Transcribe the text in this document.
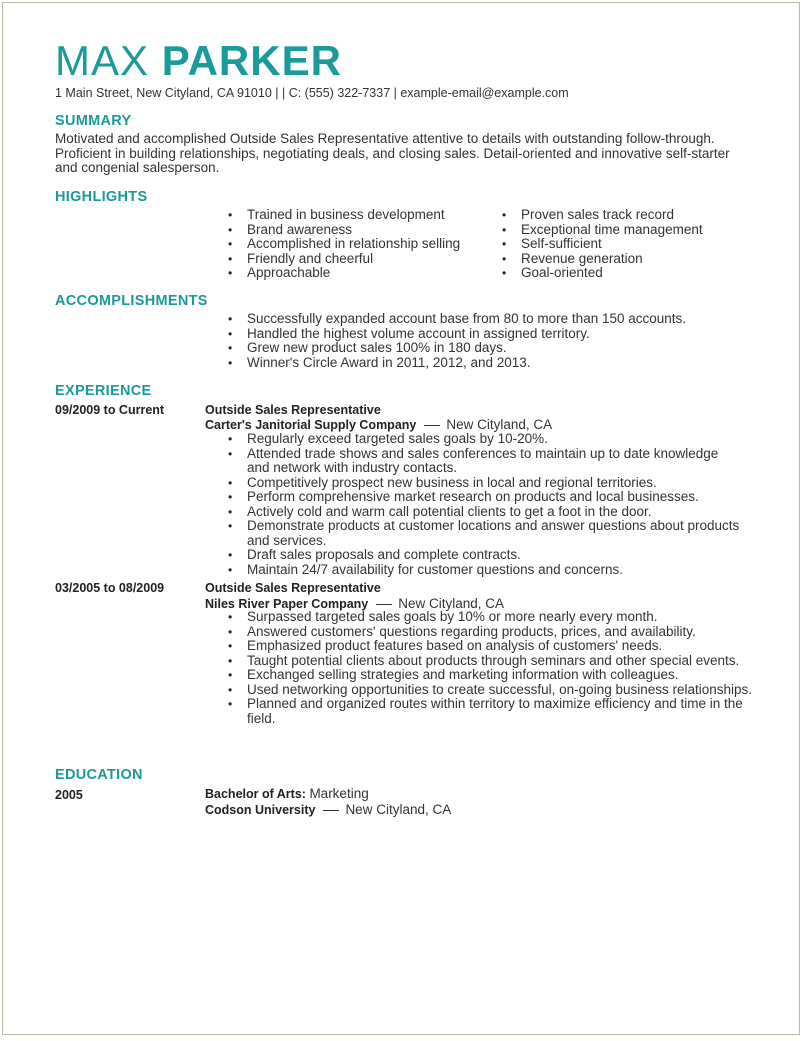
MAX PARKER
1 Main Street, New Cityland, CA 91010 | | C: (555) 322-7337 | example-email@example.com
SUMMARY
Motivated and accomplished Outside Sales Representative attentive to details with outstanding follow-through. Proficient in building relationships, negotiating deals, and closing sales. Detail-oriented and innovative self-starter and congenial salesperson.
HIGHLIGHTS
• Trained in business development
• Brand awareness
• Accomplished in relationship selling
• Friendly and cheerful
• Approachable
• Proven sales track record
• Exceptional time management
• Self-sufficient
• Revenue generation
• Goal-oriented
ACCOMPLISHMENTS
• Successfully expanded account base from 80 to more than 150 accounts.
• Handled the highest volume account in assigned territory.
• Grew new product sales 100% in 180 days.
• Winner's Circle Award in 2011, 2012, and 2013.
EXPERIENCE
09/2009 to Current	Outside Sales Representative
Carter's Janitorial Supply Company New Cityland, CA
• Regularly exceed targeted sales goals by 10-20%.
• Attended trade shows and sales conferences to maintain up to date knowledge and network with industry contacts.
• Competitively prospect new business in local and regional territories.
• Perform comprehensive market research on products and local businesses.
• Actively cold and warm call potential clients to get a foot in the door.
• Demonstrate products at customer locations and answer questions about products and services.
• Draft sales proposals and complete contracts.
• Maintain 24/7 availability for customer questions and concerns.
03/2005 to 08/2009	Outside Sales Representative
Niles River Paper Company New Cityland, CA
• Surpassed targeted sales goals by 10% or more nearly every month.
• Answered customers' questions regarding products, prices, and availability.
• Emphasized product features based on analysis of customers' needs.
• Taught potential clients about products through seminars and other special events.
• Exchanged selling strategies and marketing information with colleagues.
• Used networking opportunities to create successful, on-going business relationships.
• Planned and organized routes within territory to maximize efficiency and time in the field.
EDUCATION
2005	Bachelor of Arts: Marketing
Codson University New Cityland, CA
